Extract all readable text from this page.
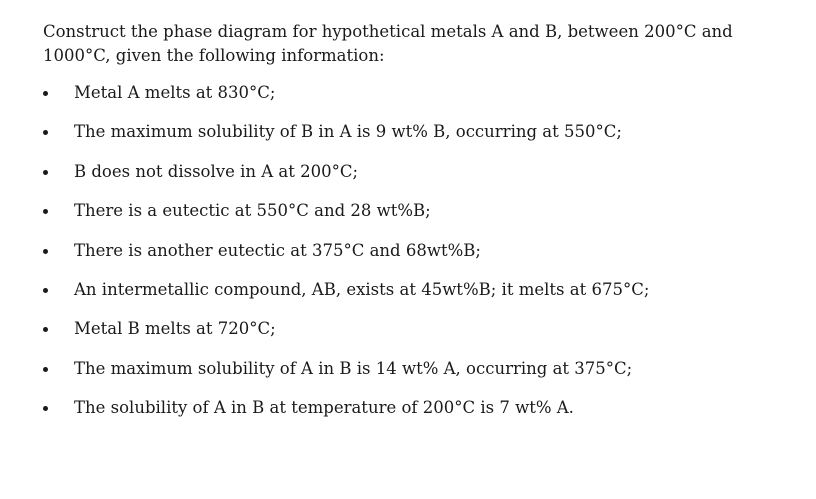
Construct the phase diagram for hypothetical metals A and B, between 200°C and
1000°C, given the following information:

Metal A melts at 830°C;
The maximum solubility of B in A is 9 wt% B, occurring at 550°C;
B does not dissolve in A at 200°C;
There is a eutectic at 550°C and 28 wt%B;
There is another eutectic at 375°C and 68wt%B;
An intermetallic compound, AB, exists at 45wt%B; it melts at 675°C;
Metal B melts at 720°C;
The maximum solubility of A in B is 14 wt% A, occurring at 375°C;
The solubility of A in B at temperature of 200°C is 7 wt% A.
